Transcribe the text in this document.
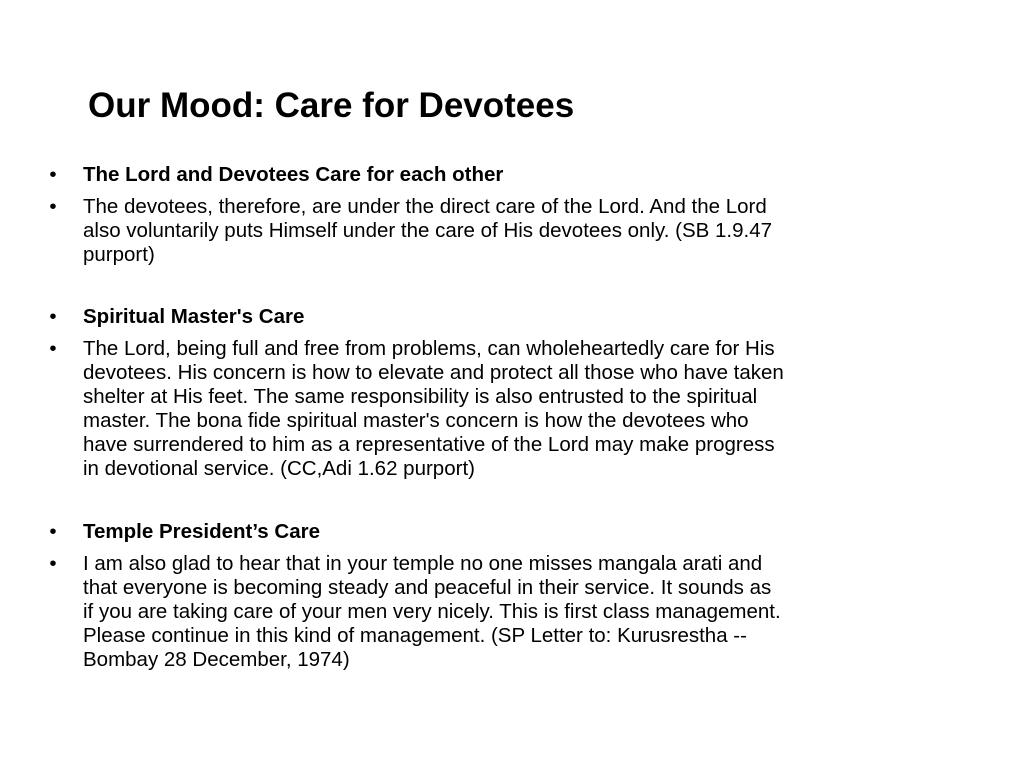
Our Mood: Care for Devotees
• The Lord and Devotees Care for each other
• The devotees, therefore, are under the direct care of the Lord. And the Lord
also voluntarily puts Himself under the care of His devotees only. (SB 1.9.47
purport)
• Spiritual Master's Care
• The Lord, being full and free from problems, can wholeheartedly care for His
devotees. His concern is how to elevate and protect all those who have taken
shelter at His feet. The same responsibility is also entrusted to the spiritual
master. The bona fide spiritual master's concern is how the devotees who
have surrendered to him as a representative of the Lord may make progress
in devotional service. (CC,Adi 1.62 purport)
• Temple President’s Care
• I am also glad to hear that in your temple no one misses mangala arati and
that everyone is becoming steady and peaceful in their service. It sounds as
if you are taking care of your men very nicely. This is first class management.
Please continue in this kind of management. (SP Letter to: Kurusrestha --
Bombay 28 December, 1974)
